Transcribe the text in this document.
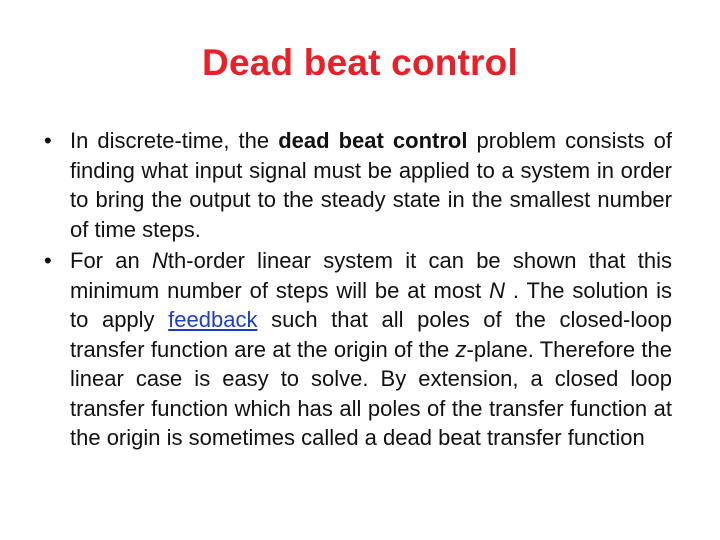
Dead beat control
• In discrete-time, the dead beat control problem consists of finding what input signal must be applied to a system in order to bring the output to the steady state in the smallest number of time steps.
• For an Nth-order linear system it can be shown that this minimum number of steps will be at most N . The solution is to apply feedback such that all poles of the closed-loop transfer function are at the origin of the z-plane. Therefore the linear case is easy to solve. By extension, a closed loop transfer function which has all poles of the transfer function at the origin is sometimes called a dead beat transfer function
